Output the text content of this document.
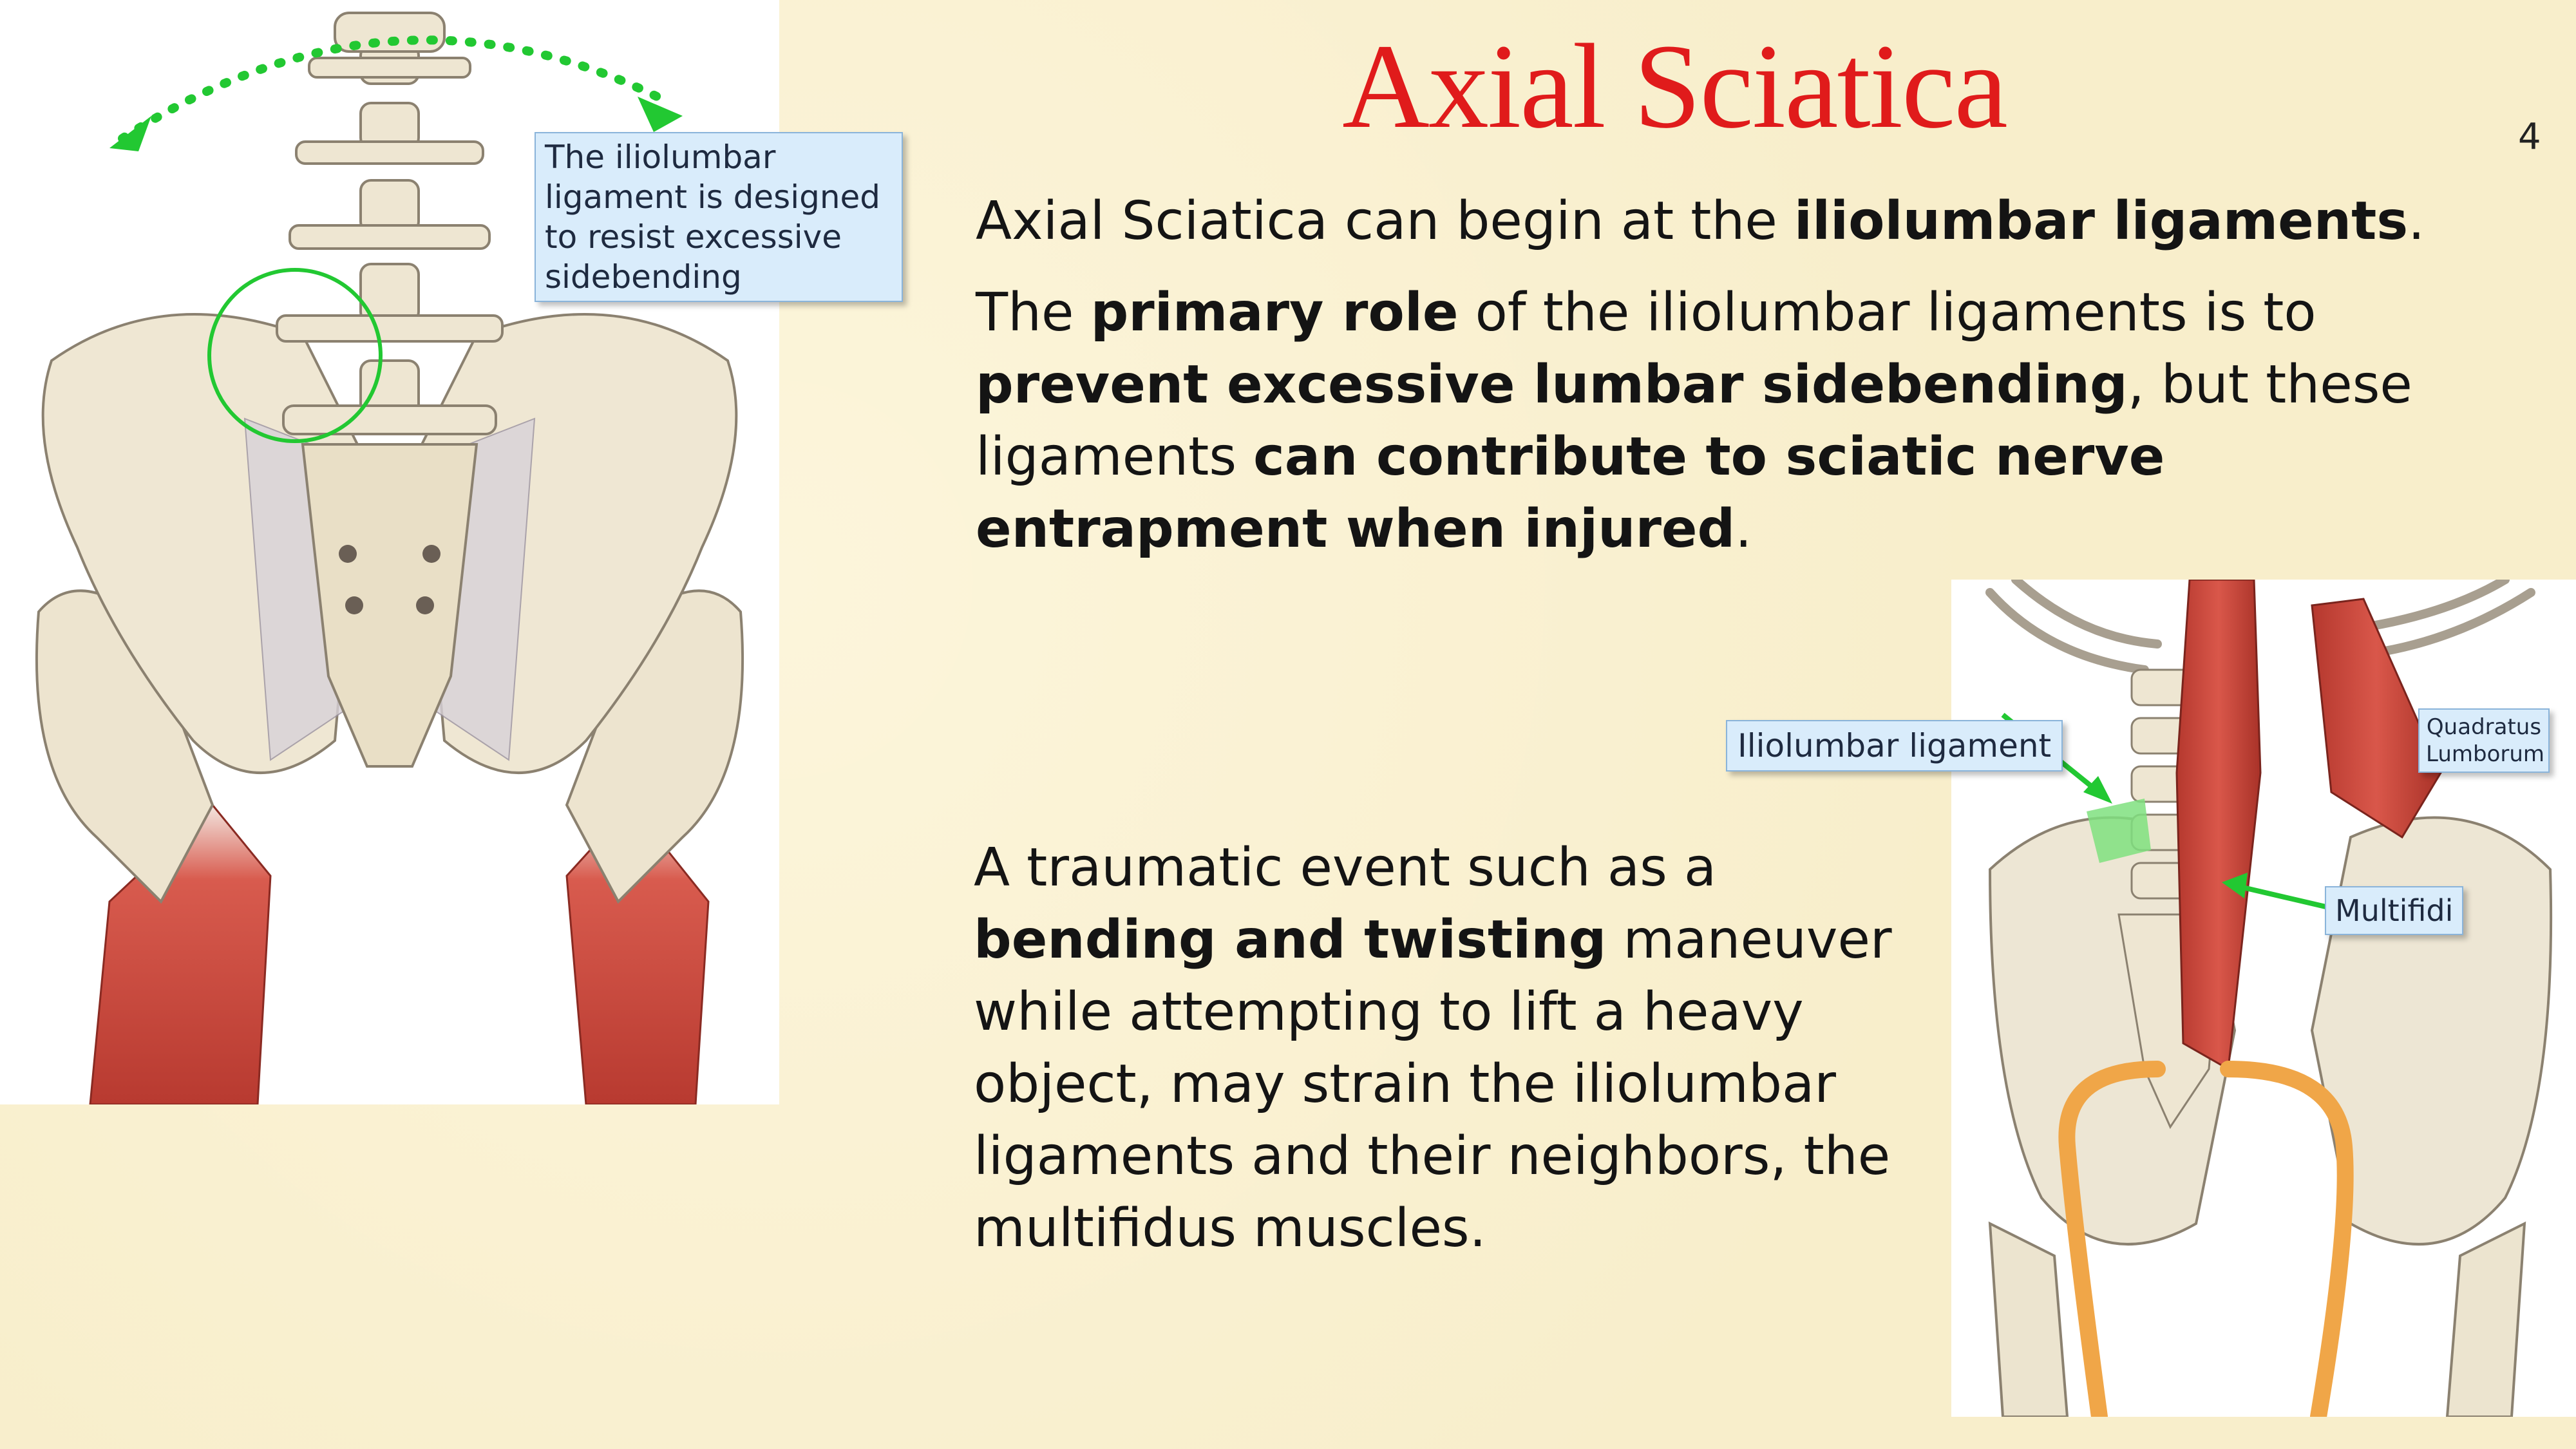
The iliolumbar ligament is designed to resist excessive sidebending
Axial Sciatica	4
Axial Sciatica can begin at the iliolumbar ligaments.
The primary role of the iliolumbar ligaments is to prevent excessive lumbar sidebending, but these ligaments can contribute to sciatic nerve entrapment when injured.
A traumatic event such as a bending and twisting maneuver while attempting to lift a heavy object, may strain the iliolumbar ligaments and their neighbors, the multifidus muscles.
Iliolumbar ligament
Multifidi
Quadratus Lumborum
